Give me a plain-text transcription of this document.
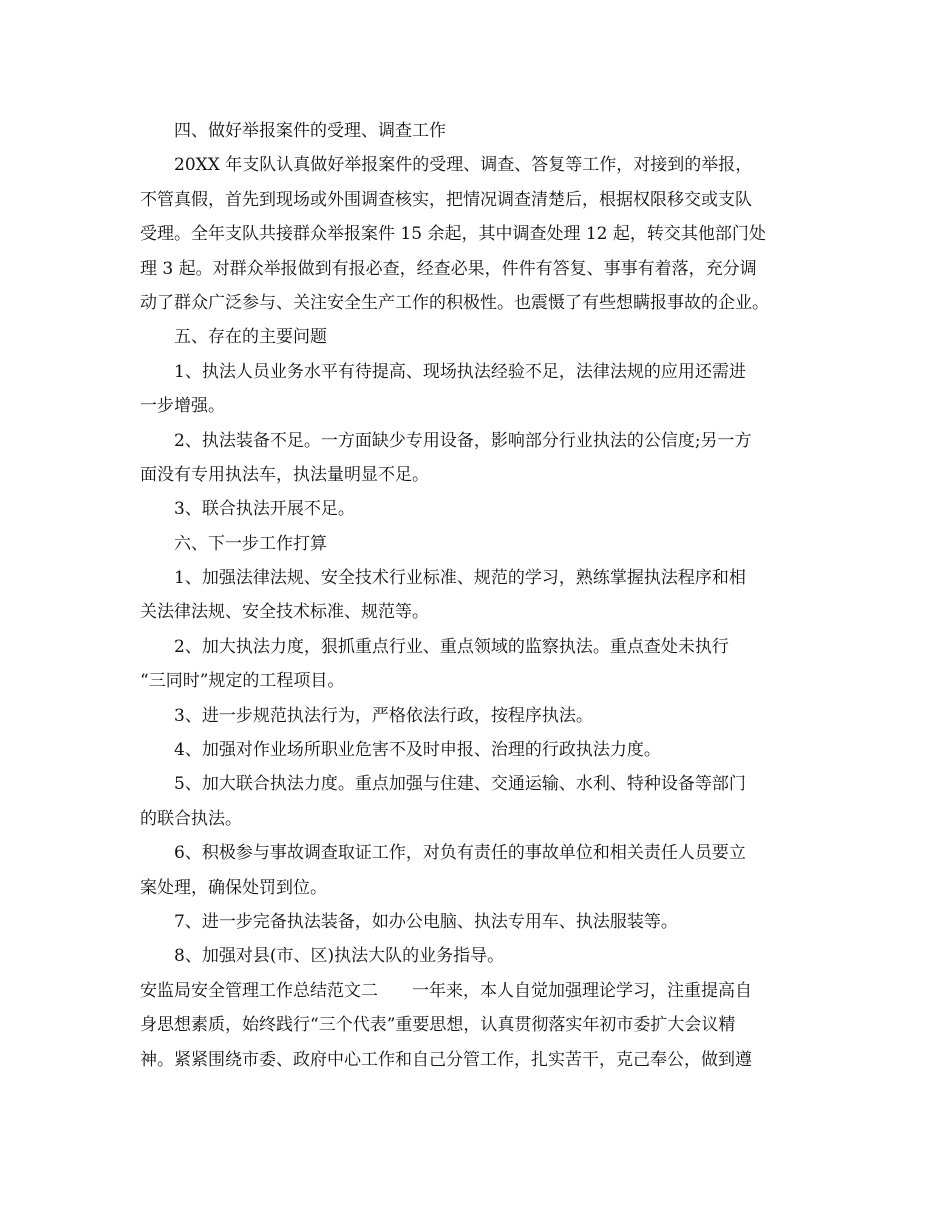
四、做好举报案件的受理、调查工作
20XX 年支队认真做好举报案件的受理、调查、答复等工作，对接到的举报，
不管真假，首先到现场或外围调查核实，把情况调查清楚后，根据权限移交或支队
受理。全年支队共接群众举报案件 15 余起，其中调查处理 12 起，转交其他部门处
理 3 起。对群众举报做到有报必查，经查必果，件件有答复、事事有着落，充分调
动了群众广泛参与、关注安全生产工作的积极性。也震慑了有些想瞒报事故的企业。
五、存在的主要问题
1、执法人员业务水平有待提高、现场执法经验不足，法律法规的应用还需进
一步增强。
2、执法装备不足。一方面缺少专用设备，影响部分行业执法的公信度;另一方
面没有专用执法车，执法量明显不足。
3、联合执法开展不足。
六、下一步工作打算
1、加强法律法规、安全技术行业标准、规范的学习，熟练掌握执法程序和相
关法律法规、安全技术标准、规范等。
2、加大执法力度，狠抓重点行业、重点领域的监察执法。重点查处未执行
“三同时”规定的工程项目。
3、进一步规范执法行为，严格依法行政，按程序执法。
4、加强对作业场所职业危害不及时申报、治理的行政执法力度。
5、加大联合执法力度。重点加强与住建、交通运输、水利、特种设备等部门
的联合执法。
6、积极参与事故调查取证工作，对负有责任的事故单位和相关责任人员要立
案处理，确保处罚到位。
7、进一步完备执法装备，如办公电脑、执法专用车、执法服装等。
8、加强对县(市、区)执法大队的业务指导。
安监局安全管理工作总结范文二 一年来，本人自觉加强理论学习，注重提高自
身思想素质，始终践行“三个代表”重要思想，认真贯彻落实年初市委扩大会议精
神。紧紧围绕市委、政府中心工作和自己分管工作，扎实苦干，克己奉公，做到遵
